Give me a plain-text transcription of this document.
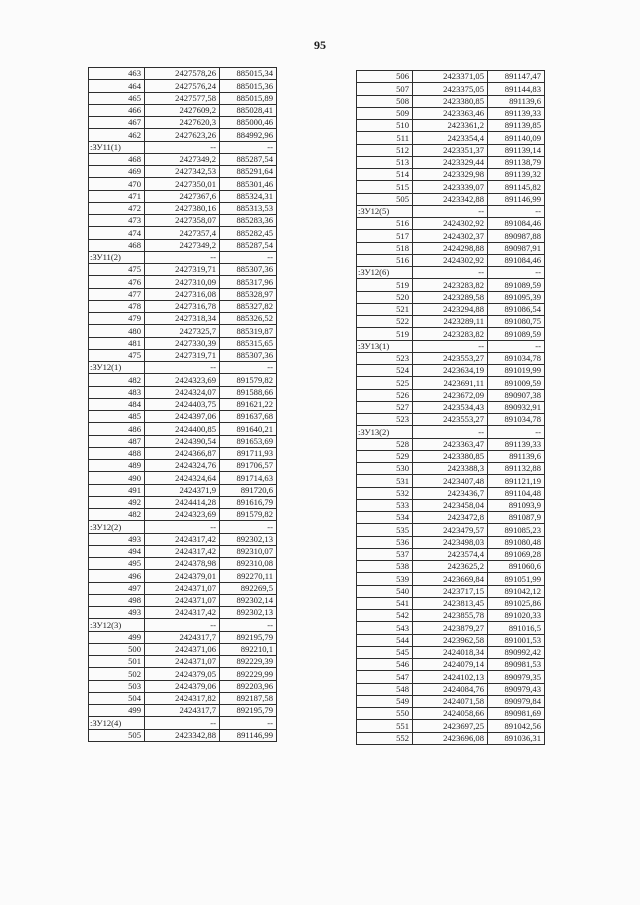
95
463	2427578,26	885015,34
464	2427576,24	885015,36
465	2427577,58	885015,89
466	2427609,2	885028,41
467	2427620,3	885000,46
462	2427623,26	884992,96
:ЗУ11(1)	--	--
468	2427349,2	885287,54
469	2427342,53	885291,64
470	2427350,01	885301,46
471	2427367,6	885324,31
472	2427380,16	885313,53
473	2427358,07	885283,36
474	2427357,4	885282,45
468	2427349,2	885287,54
:ЗУ11(2)	--	--
475	2427319,71	885307,36
476	2427310,09	885317,96
477	2427316,08	885328,97
478	2427316,78	885327,82
479	2427318,34	885326,52
480	2427325,7	885319,87
481	2427330,39	885315,65
475	2427319,71	885307,36
:ЗУ12(1)	--	--
482	2424323,69	891579,82
483	2424324,07	891588,66
484	2424403,75	891621,22
485	2424397,06	891637,68
486	2424400,85	891640,21
487	2424390,54	891653,69
488	2424366,87	891711,93
489	2424324,76	891706,57
490	2424324,64	891714,63
491	2424371,9	891720,6
492	2424414,28	891616,79
482	2424323,69	891579,82
:ЗУ12(2)	--	--
493	2424317,42	892302,13
494	2424317,42	892310,07
495	2424378,98	892310,08
496	2424379,01	892270,11
497	2424371,07	892269,5
498	2424371,07	892302,14
493	2424317,42	892302,13
:ЗУ12(3)	--	--
499	2424317,7	892195,79
500	2424371,06	892210,1
501	2424371,07	892229,39
502	2424379,05	892229,99
503	2424379,06	892203,96
504	2424317,82	892187,58
499	2424317,7	892195,79
:ЗУ12(4)	--	--
505	2423342,88	891146,99
506	2423371,05	891147,47
507	2423375,05	891144,83
508	2423380,85	891139,6
509	2423363,46	891139,33
510	2423361,2	891139,85
511	2423354,4	891140,09
512	2423351,37	891139,14
513	2423329,44	891138,79
514	2423329,98	891139,32
515	2423339,07	891145,82
505	2423342,88	891146,99
:ЗУ12(5)	--	--
516	2424302,92	891084,46
517	2424302,37	890987,88
518	2424298,88	890987,91
516	2424302,92	891084,46
:ЗУ12(6)	--	--
519	2423283,82	891089,59
520	2423289,58	891095,39
521	2423294,88	891086,54
522	2423289,11	891080,75
519	2423283,82	891089,59
:ЗУ13(1)	--	--
523	2423553,27	891034,78
524	2423634,19	891019,99
525	2423691,11	891009,59
526	2423672,09	890907,38
527	2423534,43	890932,91
523	2423553,27	891034,78
:ЗУ13(2)	--	--
528	2423363,47	891139,33
529	2423380,85	891139,6
530	2423388,3	891132,88
531	2423407,48	891121,19
532	2423436,7	891104,48
533	2423458,04	891093,9
534	2423472,8	891087,9
535	2423479,57	891085,23
536	2423498,03	891080,48
537	2423574,4	891069,28
538	2423625,2	891060,6
539	2423669,84	891051,99
540	2423717,15	891042,12
541	2423813,45	891025,86
542	2423855,78	891020,33
543	2423879,27	891016,5
544	2423962,58	891001,53
545	2424018,34	890992,42
546	2424079,14	890981,53
547	2424102,13	890979,35
548	2424084,76	890979,43
549	2424071,58	890979,84
550	2424058,66	890981,69
551	2423697,25	891042,56
552	2423696,08	891036,31
